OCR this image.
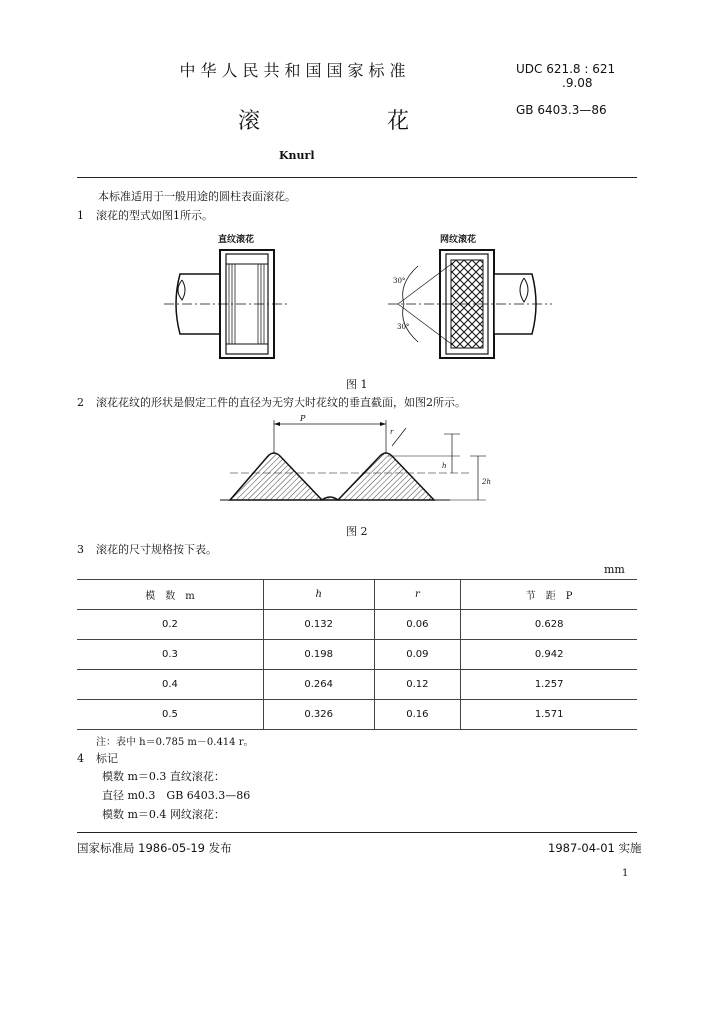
中华人民共和国国家标准	UDC 621.8 : 621
.9.08
GB 6403.3—86
滚 花
Knurl
本标准适用于一般用途的圆柱表面滚花。
1 滚花的型式如图1所示。
直纹滚花	网纹滚花
30°
30°
图 1
2 滚花花纹的形状是假定工件的直径为无穷大时花纹的垂直截面，如图2所示。
P
r
h
2h
图 2
3 滚花的尺寸规格按下表。
mm
模　数　m	h	r	节　距　P
0.2	0.132	0.06	0.628
0.3	0.198	0.09	0.942
0.4	0.264	0.12	1.257
0.5	0.326	0.16	1.571
注：表中 h＝0.785 m－0.414 r。
4 标记
模数 m＝0.3 直纹滚花：
直径 m0.3　GB 6403.3—86
模数 m＝0.4 网纹滚花：
国家标准局 1986-05-19 发布	1987-04-01 实施
1
